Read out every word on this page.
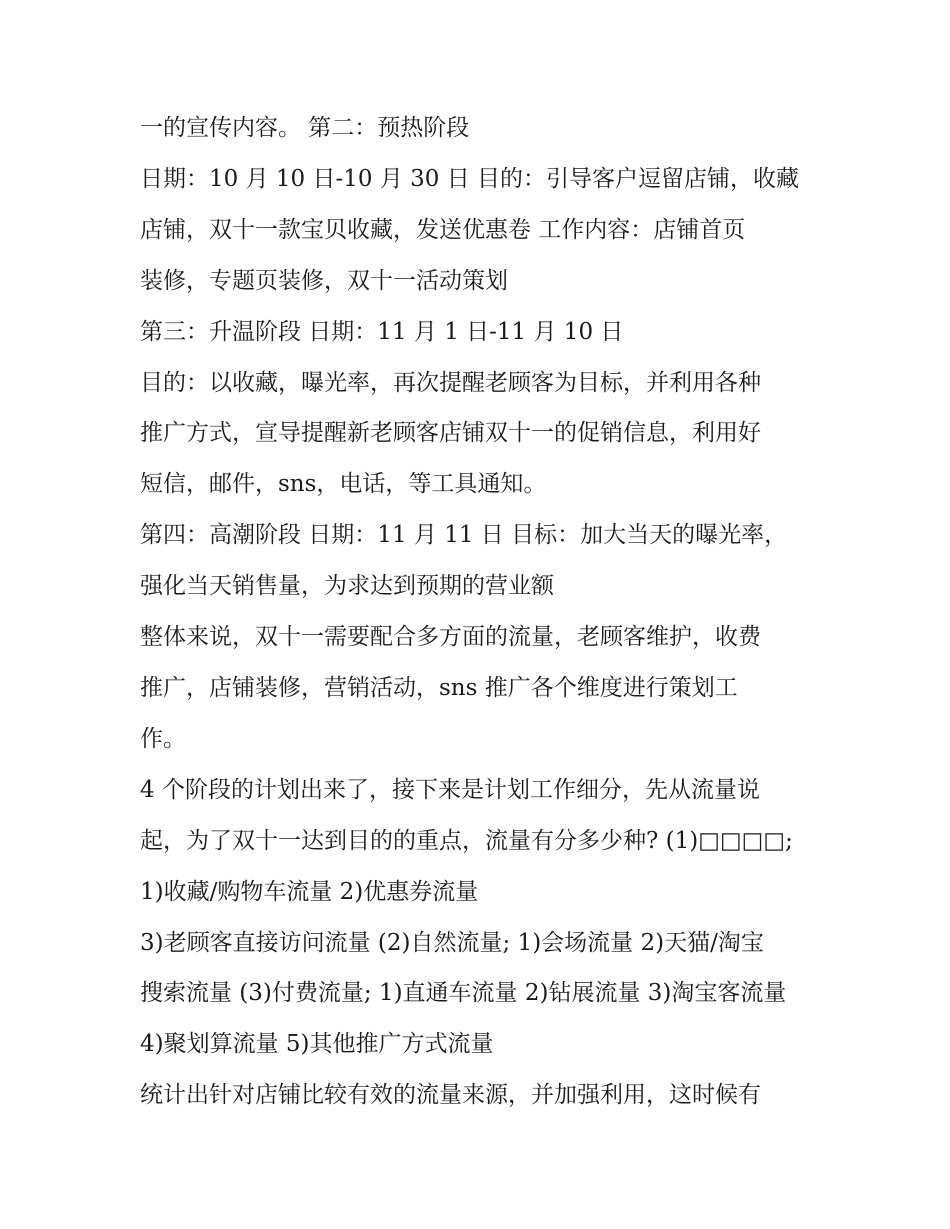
一的宣传内容。 第二：预热阶段
日期：10 月 10 日-10 月 30 日 目的：引导客户逗留店铺，收藏
店铺，双十一款宝贝收藏，发送优惠卷 工作内容：店铺首页
装修，专题页装修，双十一活动策划
第三：升温阶段 日期：11 月 1 日-11 月 10 日
目的：以收藏，曝光率，再次提醒老顾客为目标，并利用各种
推广方式，宣导提醒新老顾客店铺双十一的促销信息，利用好
短信，邮件，sns，电话，等工具通知。
第四：高潮阶段 日期：11 月 11 日 目标：加大当天的曝光率，
强化当天销售量，为求达到预期的营业额
整体来说，双十一需要配合多方面的流量，老顾客维护，收费
推广，店铺装修，营销活动，sns 推广各个维度进行策划工
作。
4 个阶段的计划出来了，接下来是计划工作细分，先从流量说
起，为了双十一达到目的的重点，流量有分多少种? (1)□□□□;
1)收藏/购物车流量 2)优惠券流量
3)老顾客直接访问流量 (2)自然流量; 1)会场流量 2)天猫/淘宝
搜索流量 (3)付费流量; 1)直通车流量 2)钻展流量 3)淘宝客流量
4)聚划算流量 5)其他推广方式流量
统计出针对店铺比较有效的流量来源，并加强利用，这时候有
